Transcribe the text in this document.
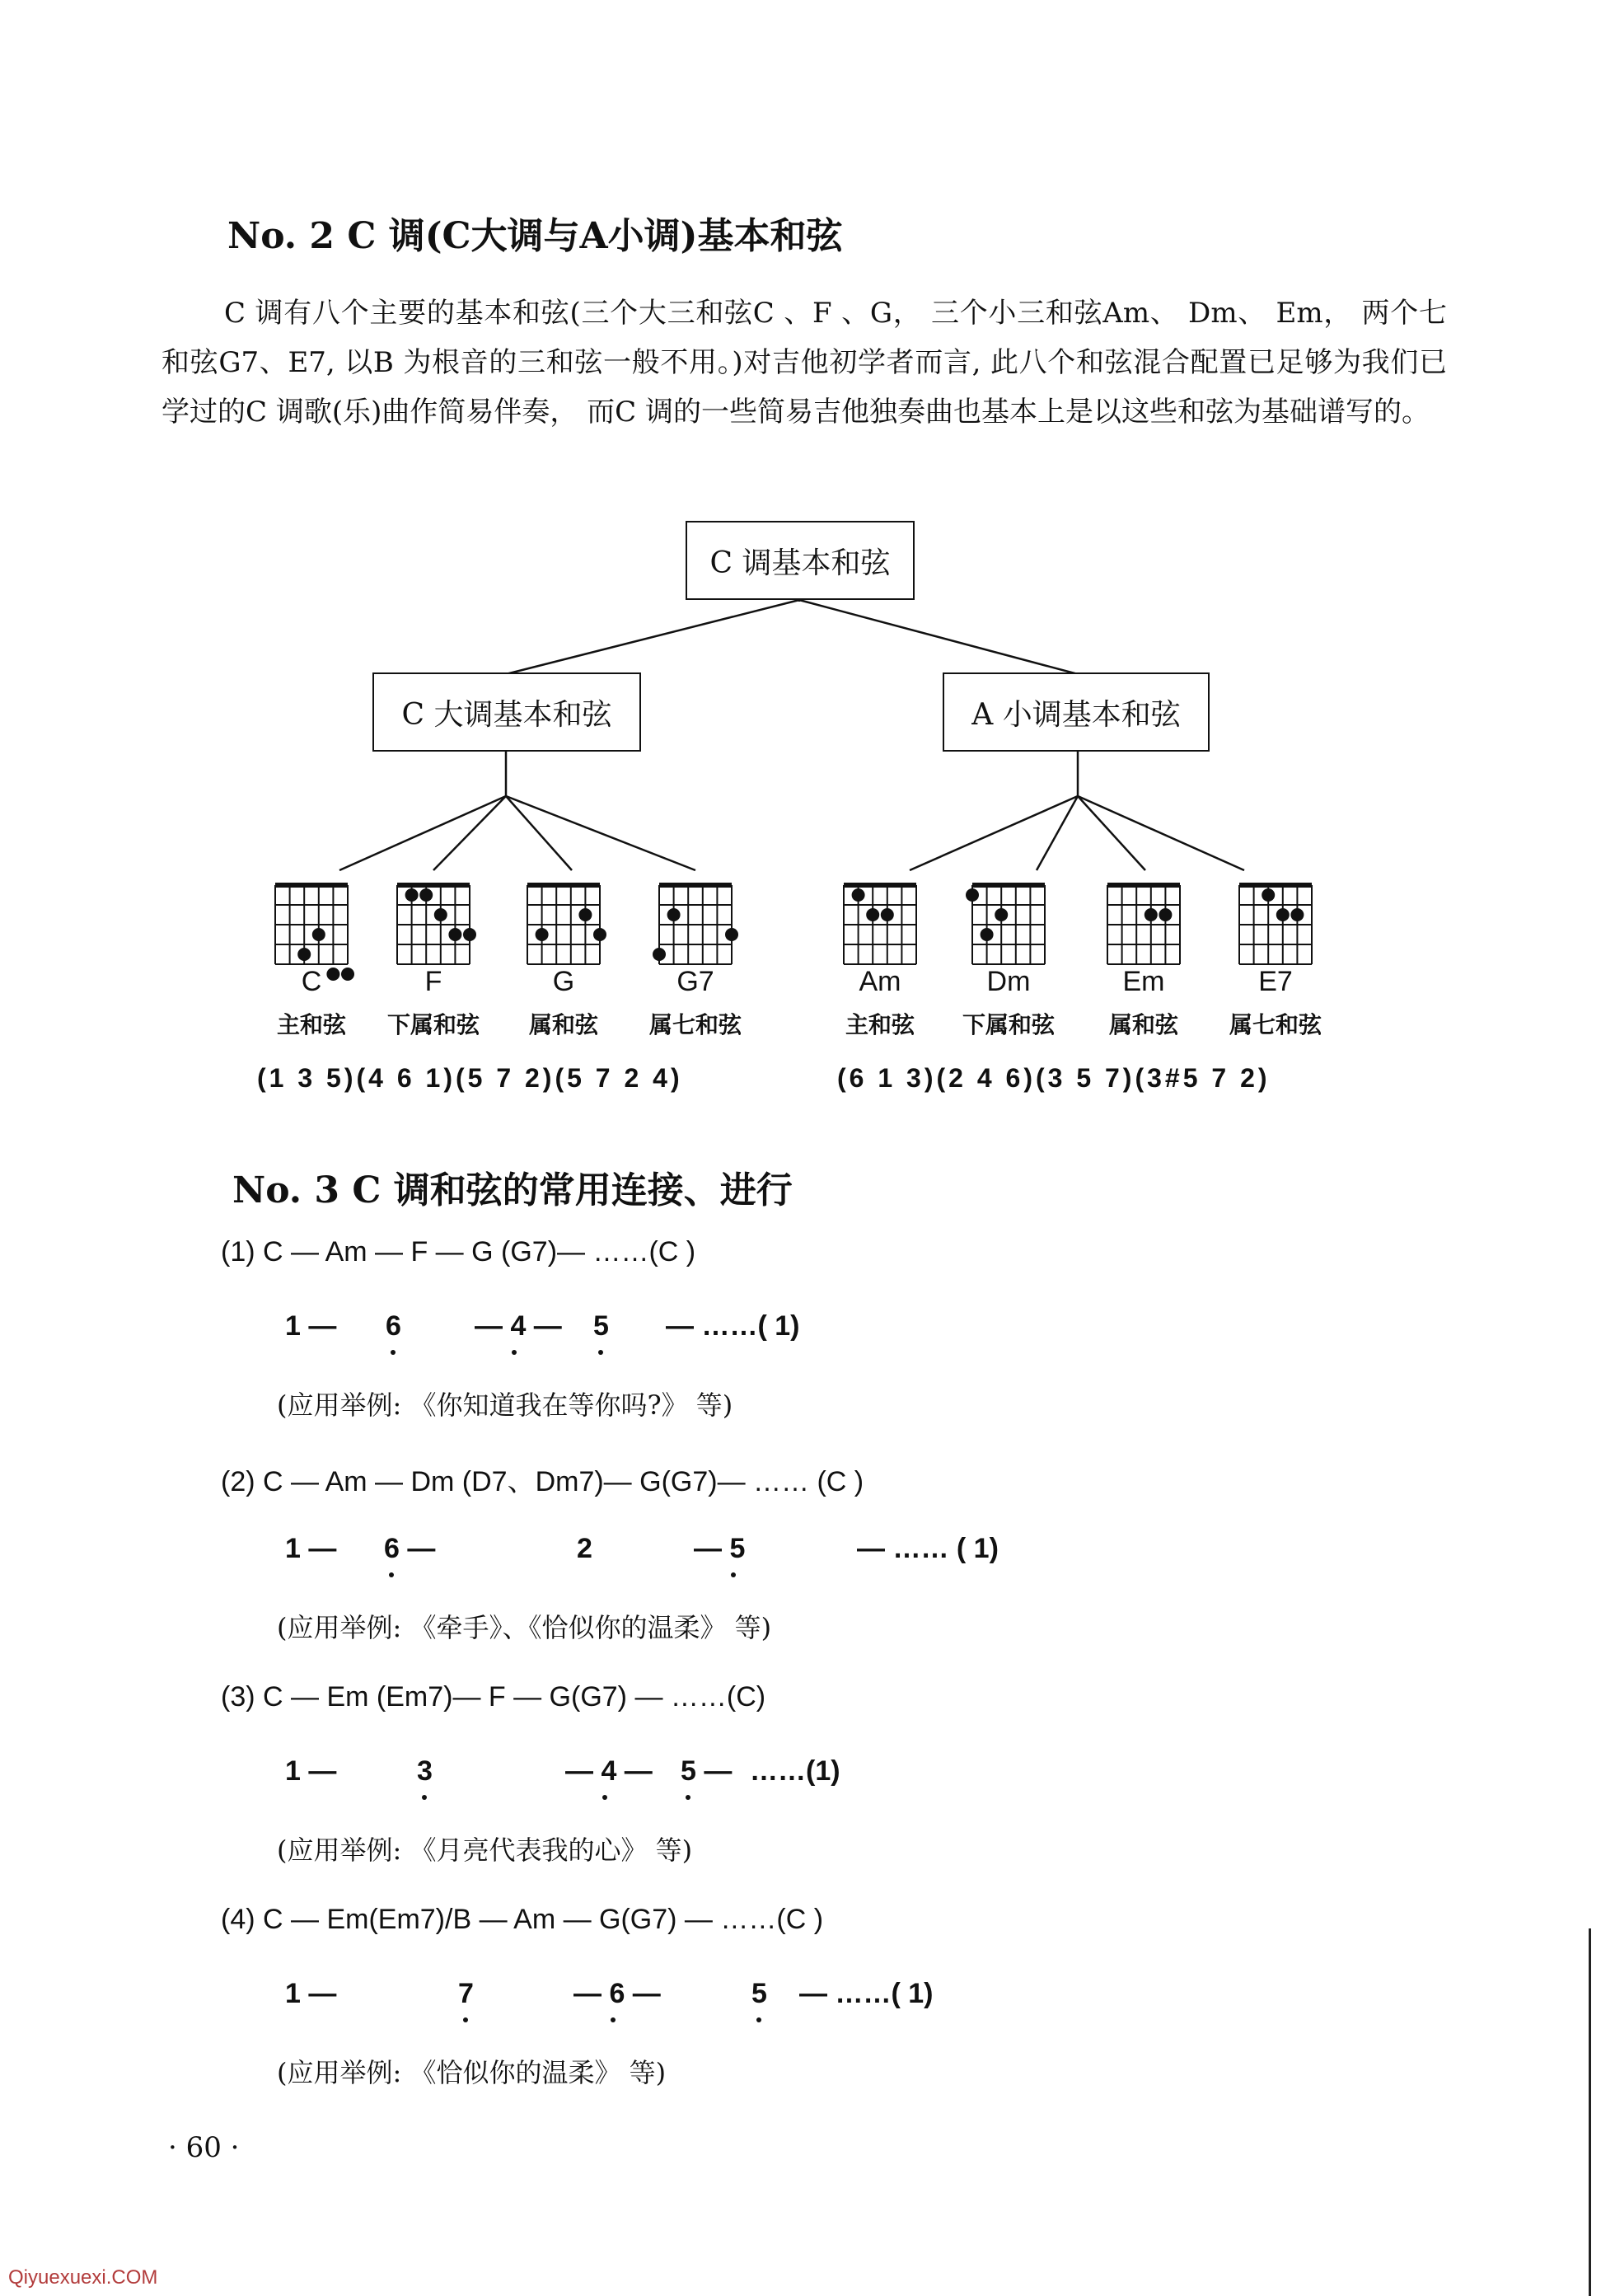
No. 2 C 调(C大调与A小调)基本和弦
C 调有八个主要的基本和弦(三个大三和弦C 、F 、G， 三个小三和弦Am、 Dm、 Em， 两个七和弦G7、E7, 以B 为根音的三和弦一般不用。)对吉他初学者而言, 此八个和弦混合配置已足够为我们已学过的C 调歌(乐)曲作简易伴奏， 而C 调的一些简易吉他独奏曲也基本上是以这些和弦为基础谱写的。
C 调基本和弦
C 大调基本和弦	A 小调基本和弦
C
主和弦
F
下属和弦
G
属和弦
G7
属七和弦
Am
主和弦
Dm
下属和弦
Em
属和弦
E7
属七和弦
(1 3 5)(4 6 1)(5 7 2)(5 7 2 4)	(6 1 3)(2 4 6)(3 5 7)(3#5 7 2)
No. 3 C 调和弦的常用连接、进行
(1) C — Am — F — G (G7)— ……(C )
1 — 6	— 4 — 5 — ……( 1)
(应用举例: 《你知道我在等你吗?》 等)
(2) C — Am — Dm (D7、Dm7)— G(G7)— …… (C )
1 — 6 —	2	— 5	— …… ( 1)
(应用举例: 《牵手》、《恰似你的温柔》 等)
(3) C — Em (Em7)— F — G(G7) — ……(C)
1 —	3	— 4 — 5 — ……(1)
(应用举例: 《月亮代表我的心》 等)
(4) C — Em(Em7)/B — Am — G(G7) — ……(C )
1 —	7	— 6 —	5 — ……( 1)
(应用举例: 《恰似你的温柔》 等)
· 60 ·
Qiyuexuexi.COM
